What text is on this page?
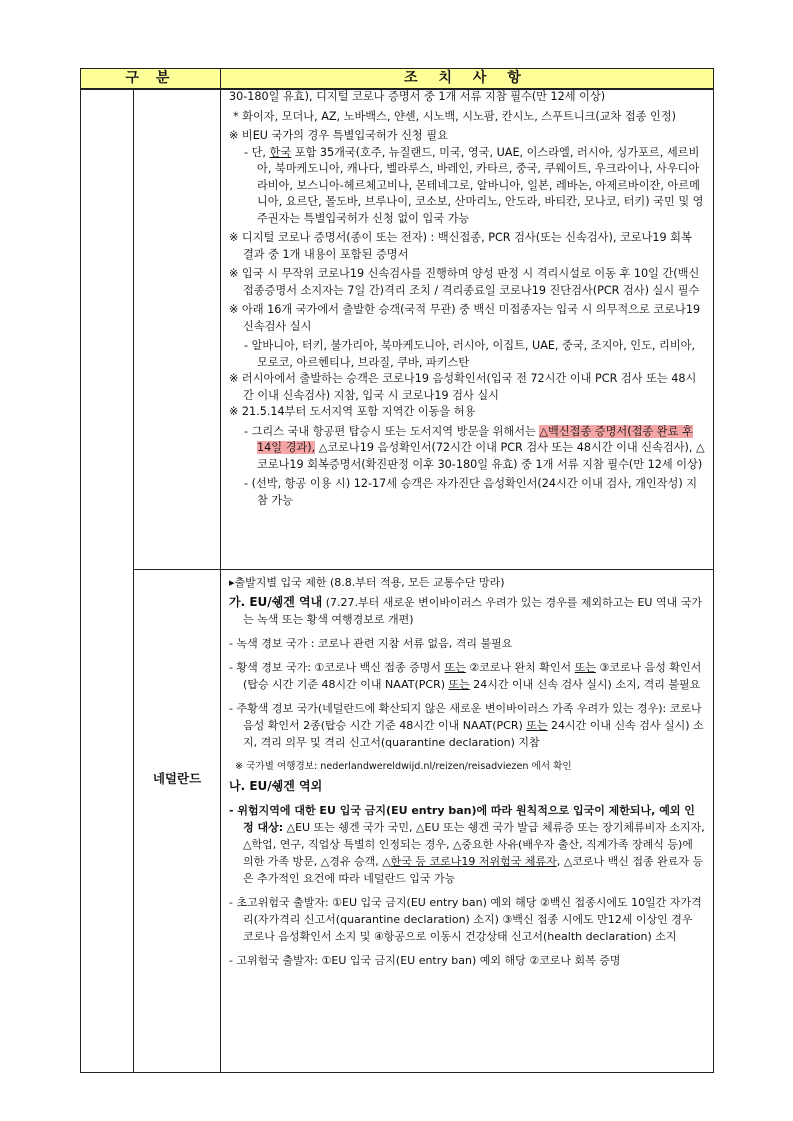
구 분	조 치 사 항
네덜란드

30-180일 유효), 디지털 코로나 증명서 중 1개 서류 지참 필수(만 12세 이상)

* 화이자, 모더나, AZ, 노바백스, 얀센, 시노백, 시노팜, 칸시노, 스푸트니크(교차 접종 인정)

※ 비EU 국가의 경우 특별입국허가 신청 필요

- 단, 한국 포함 35개국(호주, 뉴질랜드, 미국, 영국, UAE, 이스라엘, 러시아, 싱가포르, 세르비아, 북마케도니아, 캐나다, 벨라루스, 바레인, 카타르, 중국, 쿠웨이트, 우크라이나, 사우디아라비아, 보스니아-헤르체고비나, 몬테네그로, 알바니아, 일본, 레바논, 아제르바이잔, 아르메니아, 요르단, 몰도바, 브루나이, 코소보, 산마리노, 안도라, 바티칸, 모나코, 터키) 국민 및 영주권자는 특별입국허가 신청 없이 입국 가능

※ 디지털 코로나 증명서(종이 또는 전자) : 백신접종, PCR 검사(또는 신속검사), 코로나19 회복 결과 중 1개 내용이 포함된 증명서

※ 입국 시 무작위 코로나19 신속검사를 진행하며 양성 판정 시 격리시설로 이동 후 10일 간(백신접종증명서 소지자는 7일 간)격리 조치 / 격리종료일 코로나19 진단검사(PCR 검사) 실시 필수

※ 아래 16개 국가에서 출발한 승객(국적 무관) 중 백신 미접종자는 입국 시 의무적으로 코로나19 신속검사 실시

- 알바니아, 터키, 불가리아, 북마케도니아, 러시아, 이집트, UAE, 중국, 조지아, 인도, 리비아, 모로코, 아르헨티나, 브라질, 쿠바, 파키스탄

※ 러시아에서 출발하는 승객은 코로나19 음성확인서(입국 전 72시간 이내 PCR 검사 또는 48시간 이내 신속검사) 지참, 입국 시 코로나19 검사 실시

※ 21.5.14부터 도서지역 포함 지역간 이동을 허용

- 그리스 국내 항공편 탑승시 또는 도서지역 방문을 위해서는 △백신접종 증명서(접종 완료 후 14일 경과), △코로나19 음성확인서(72시간 이내 PCR 검사 또는 48시간 이내 신속검사), △코로나19 회복증명서(확진판정 이후 30-180일 유효) 중 1개 서류 지참 필수(만 12세 이상)

- (선박, 항공 이용 시) 12-17세 승객은 자가진단 음성확인서(24시간 이내 검사, 개인작성) 지참 가능

▸출발지별 입국 제한 (8.8.부터 적용, 모든 교통수단 망라)

가. EU/쉥겐 역내 (7.27.부터 새로운 변이바이러스 우려가 있는 경우를 제외하고는 EU 역내 국가는 녹색 또는 황색 여행경보로 개편)

- 녹색 경보 국가 : 코로나 관련 지참 서류 없음, 격리 불필요

- 황색 경보 국가: ①코로나 백신 접종 증명서 또는 ②코로나 완치 확인서 또는 ③코로나 음성 확인서(탑승 시간 기준 48시간 이내 NAAT(PCR) 또는 24시간 이내 신속 검사 실시) 소지, 격리 불필요

- 주황색 경보 국가(네덜란드에 확산되지 않은 새로운 변이바이러스 가족 우려가 있는 경우): 코로나 음성 확인서 2종(탑승 시간 기준 48시간 이내 NAAT(PCR) 또는 24시간 이내 신속 검사 실시) 소지, 격리 의무 및 격리 신고서(quarantine declaration) 지참

※ 국가별 여행경보: nederlandwereldwijd.nl/reizen/reisadviezen 에서 확인

나. EU/쉥겐 역외

- 위험지역에 대한 EU 입국 금지(EU entry ban)에 따라 원칙적으로 입국이 제한되나, 예외 인정 대상: △EU 또는 쉥겐 국가 국민, △EU 또는 쉥겐 국가 발급 체류증 또는 장기체류비자 소지자, △학업, 연구, 직업상 특별히 인정되는 경우, △중요한 사유(배우자 출산, 직계가족 장례식 등)에 의한 가족 방문, △경유 승객, △한국 등 코로나19 저위험국 체류자, △코로나 백신 접종 완료자 등은 추가적인 요건에 따라 네덜란드 입국 가능

- 초고위험국 출발자: ①EU 입국 금지(EU entry ban) 예외 해당 ②백신 접종시에도 10일간 자가격리(자가격리 신고서(quarantine declaration) 소지) ③백신 접종 시에도 만12세 이상인 경우 코로나 음성확인서 소지 및 ④항공으로 이동시 건강상태 신고서(health declaration) 소지

- 고위험국 출발자: ①EU 입국 금지(EU entry ban) 예외 해당 ②코로나 회복 증명
